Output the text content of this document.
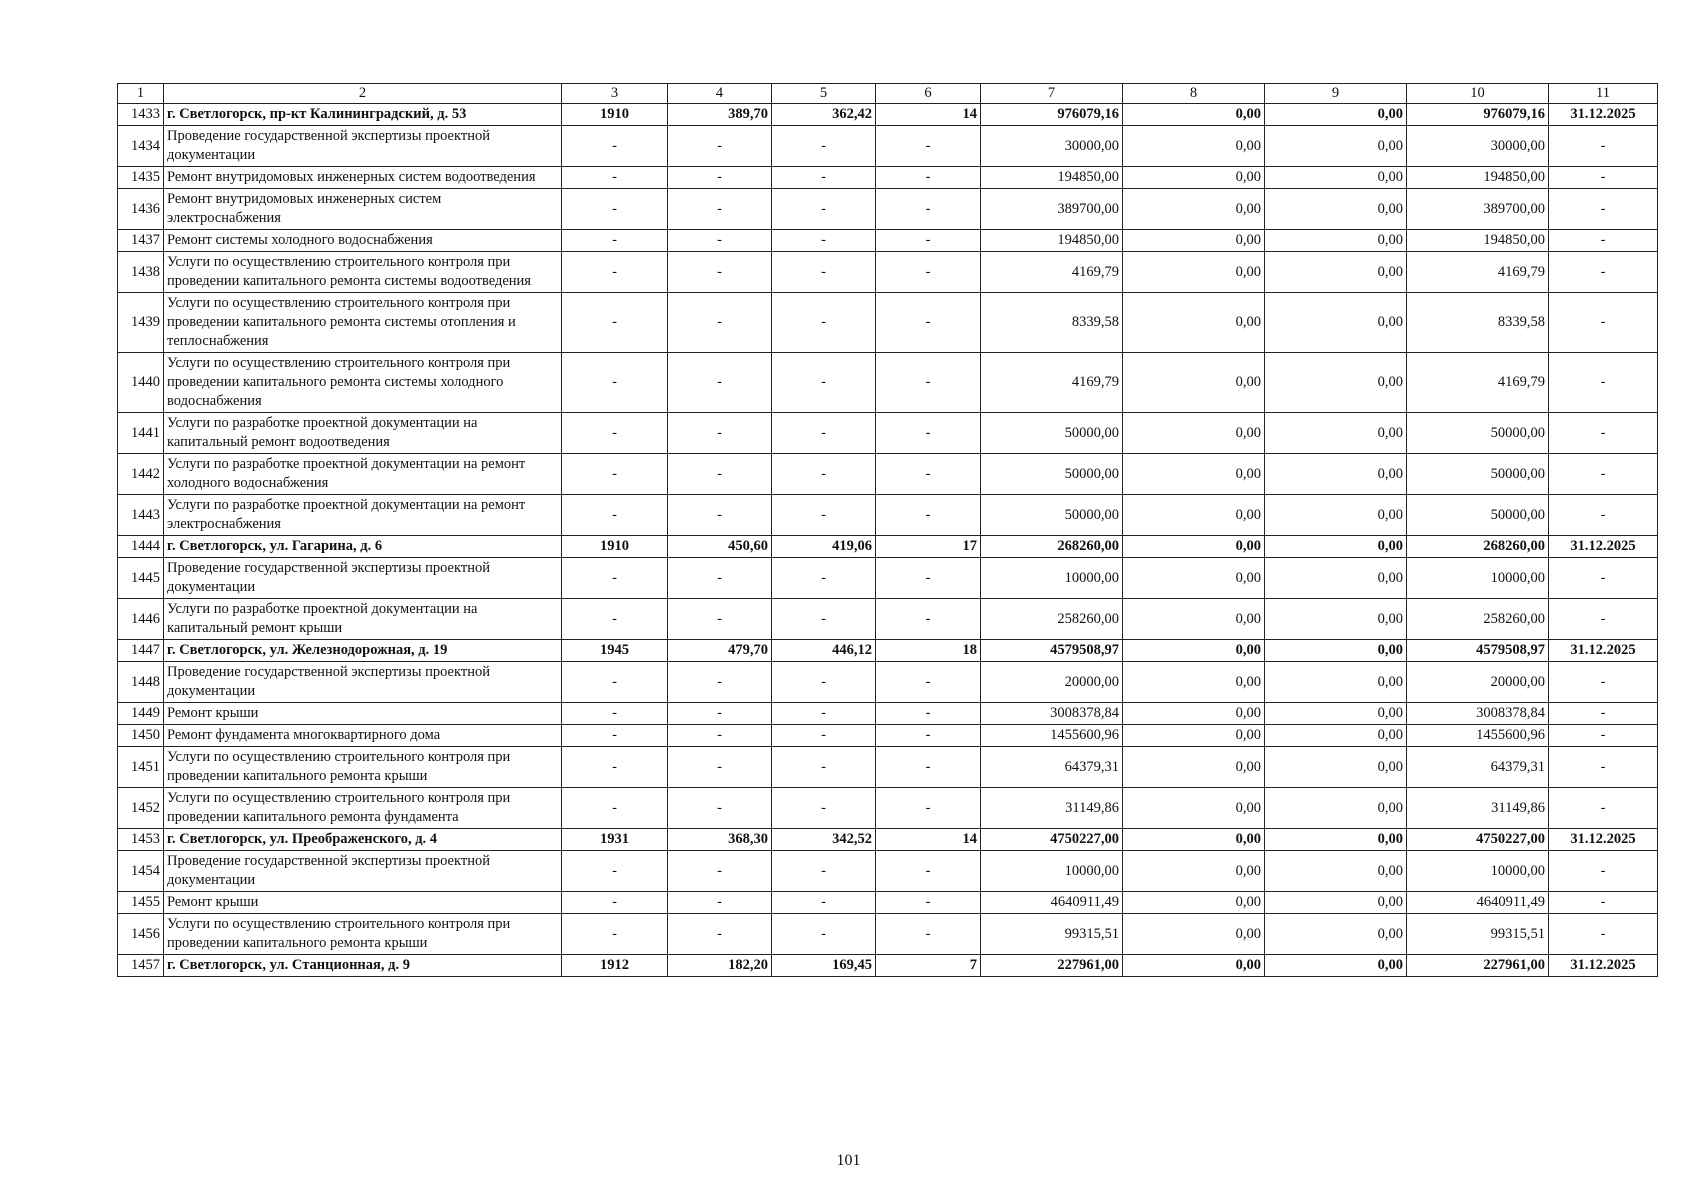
1	2	3	4	5	6	7	8	9	10	11
1433	г. Светлогорск, пр-кт Калининградский, д. 53	1910	389,70	362,42	14	976079,16	0,00	0,00	976079,16	31.12.2025
1434	Проведение государственной экспертизы проектной документации	-	-	-	-	30000,00	0,00	0,00	30000,00	-
1435	Ремонт внутридомовых инженерных систем водоотведения	-	-	-	-	194850,00	0,00	0,00	194850,00	-
1436	Ремонт внутридомовых инженерных систем электроснабжения	-	-	-	-	389700,00	0,00	0,00	389700,00	-
1437	Ремонт системы холодного водоснабжения	-	-	-	-	194850,00	0,00	0,00	194850,00	-
1438	Услуги по осуществлению строительного контроля при проведении капитального ремонта системы водоотведения	-	-	-	-	4169,79	0,00	0,00	4169,79	-
1439	Услуги по осуществлению строительного контроля при проведении капитального ремонта системы отопления и теплоснабжения	-	-	-	-	8339,58	0,00	0,00	8339,58	-
1440	Услуги по осуществлению строительного контроля при проведении капитального ремонта системы холодного водоснабжения	-	-	-	-	4169,79	0,00	0,00	4169,79	-
1441	Услуги по разработке проектной документации на капитальный ремонт водоотведения	-	-	-	-	50000,00	0,00	0,00	50000,00	-
1442	Услуги по разработке проектной документации на ремонт холодного водоснабжения	-	-	-	-	50000,00	0,00	0,00	50000,00	-
1443	Услуги по разработке проектной документации на ремонт электроснабжения	-	-	-	-	50000,00	0,00	0,00	50000,00	-
1444	г. Светлогорск, ул. Гагарина, д. 6	1910	450,60	419,06	17	268260,00	0,00	0,00	268260,00	31.12.2025
1445	Проведение государственной экспертизы проектной документации	-	-	-	-	10000,00	0,00	0,00	10000,00	-
1446	Услуги по разработке проектной документации на капитальный ремонт крыши	-	-	-	-	258260,00	0,00	0,00	258260,00	-
1447	г. Светлогорск, ул. Железнодорожная, д. 19	1945	479,70	446,12	18	4579508,97	0,00	0,00	4579508,97	31.12.2025
1448	Проведение государственной экспертизы проектной документации	-	-	-	-	20000,00	0,00	0,00	20000,00	-
1449	Ремонт крыши	-	-	-	-	3008378,84	0,00	0,00	3008378,84	-
1450	Ремонт фундамента многоквартирного дома	-	-	-	-	1455600,96	0,00	0,00	1455600,96	-
1451	Услуги по осуществлению строительного контроля при проведении капитального ремонта крыши	-	-	-	-	64379,31	0,00	0,00	64379,31	-
1452	Услуги по осуществлению строительного контроля при проведении капитального ремонта фундамента	-	-	-	-	31149,86	0,00	0,00	31149,86	-
1453	г. Светлогорск, ул. Преображенского, д. 4	1931	368,30	342,52	14	4750227,00	0,00	0,00	4750227,00	31.12.2025
1454	Проведение государственной экспертизы проектной документации	-	-	-	-	10000,00	0,00	0,00	10000,00	-
1455	Ремонт крыши	-	-	-	-	4640911,49	0,00	0,00	4640911,49	-
1456	Услуги по осуществлению строительного контроля при проведении капитального ремонта крыши	-	-	-	-	99315,51	0,00	0,00	99315,51	-
1457	г. Светлогорск, ул. Станционная, д. 9	1912	182,20	169,45	7	227961,00	0,00	0,00	227961,00	31.12.2025
101
